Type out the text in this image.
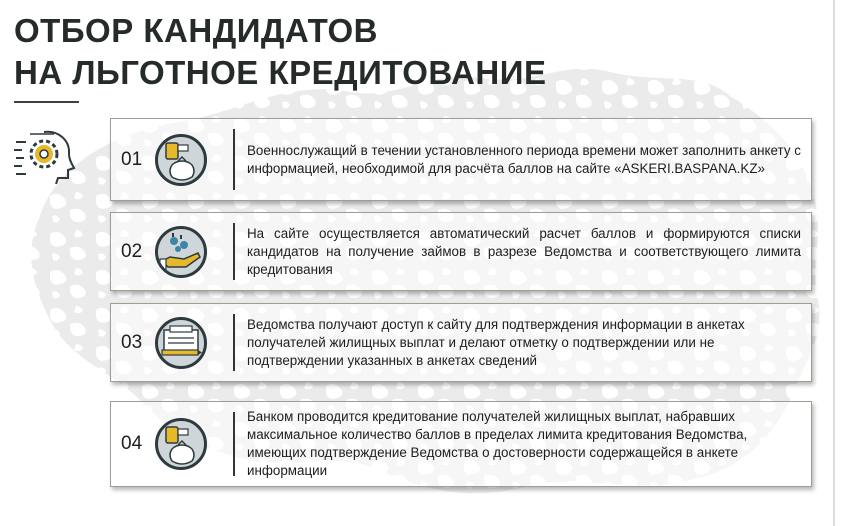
ОТБОР КАНДИДАТОВ
НА ЛЬГОТНОЕ КРЕДИТОВАНИЕ
01	Военнослужащий в течении установленного периода времени может заполнить анкету с информацией, необходимой для расчёта баллов на сайте «ASKERI.BASPANA.KZ»
02
На сайте осуществляется автоматический расчет баллов и формируются списки кандидатов на получение займов в разрезе Ведомства и соответствующего лимита кредитования
03
Ведомства получают доступ к сайту для подтверждения информации в анкетах получателей жилищных выплат и делают отметку о подтверждении или не подтверждении указанных в анкетах сведений
04
Банком проводится кредитование получателей жилищных выплат, набравших максимальное количество баллов в пределах лимита кредитования Ведомства, имеющих подтверждение Ведомства о достоверности содержащейся в анкете информации
